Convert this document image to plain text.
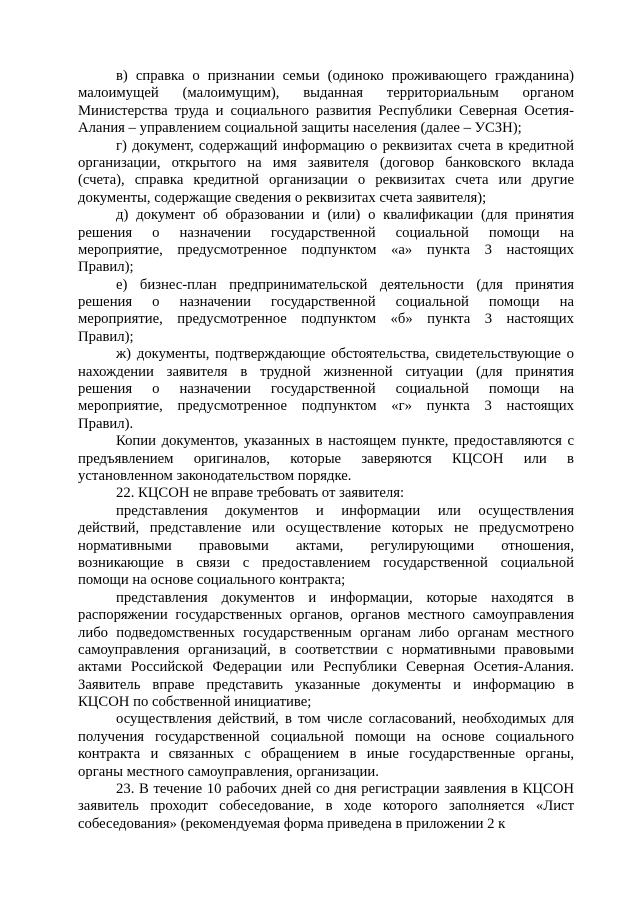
в) справка о признании семьи (одиноко проживающего гражданина)
малоимущей (малоимущим), выданная территориальным органом
Министерства труда и социального развития Республики Северная Осетия-
Алания – управлением социальной защиты населения (далее – УСЗН);
г) документ, содержащий информацию о реквизитах счета в кредитной
организации, открытого на имя заявителя (договор банковского вклада
(счета), справка кредитной организации о реквизитах счета или другие
документы, содержащие сведения о реквизитах счета заявителя);
д) документ об образовании и (или) о квалификации (для принятия
решения о назначении государственной социальной помощи на
мероприятие, предусмотренное подпунктом «а» пункта 3 настоящих
Правил);
е) бизнес-план предпринимательской деятельности (для принятия
решения о назначении государственной социальной помощи на
мероприятие, предусмотренное подпунктом «б» пункта 3 настоящих
Правил);
ж) документы, подтверждающие обстоятельства, свидетельствующие о
нахождении заявителя в трудной жизненной ситуации (для принятия
решения о назначении государственной социальной помощи на
мероприятие, предусмотренное подпунктом «г» пункта 3 настоящих
Правил).
Копии документов, указанных в настоящем пункте, предоставляются с
предъявлением оригиналов, которые заверяются КЦСОН или в
установленном законодательством порядке.
22. КЦСОН не вправе требовать от заявителя:
представления документов и информации или осуществления
действий, представление или осуществление которых не предусмотрено
нормативными правовыми актами, регулирующими отношения,
возникающие в связи с предоставлением государственной социальной
помощи на основе социального контракта;
представления документов и информации, которые находятся в
распоряжении государственных органов, органов местного самоуправления
либо подведомственных государственным органам либо органам местного
самоуправления организаций, в соответствии с нормативными правовыми
актами Российской Федерации или Республики Северная Осетия-Алания.
Заявитель вправе представить указанные документы и информацию в
КЦСОН по собственной инициативе;
осуществления действий, в том числе согласований, необходимых для
получения государственной социальной помощи на основе социального
контракта и связанных с обращением в иные государственные органы,
органы местного самоуправления, организации.
23. В течение 10 рабочих дней со дня регистрации заявления в КЦСОН
заявитель проходит собеседование, в ходе которого заполняется «Лист
собеседования» (рекомендуемая форма приведена в приложении 2 к
